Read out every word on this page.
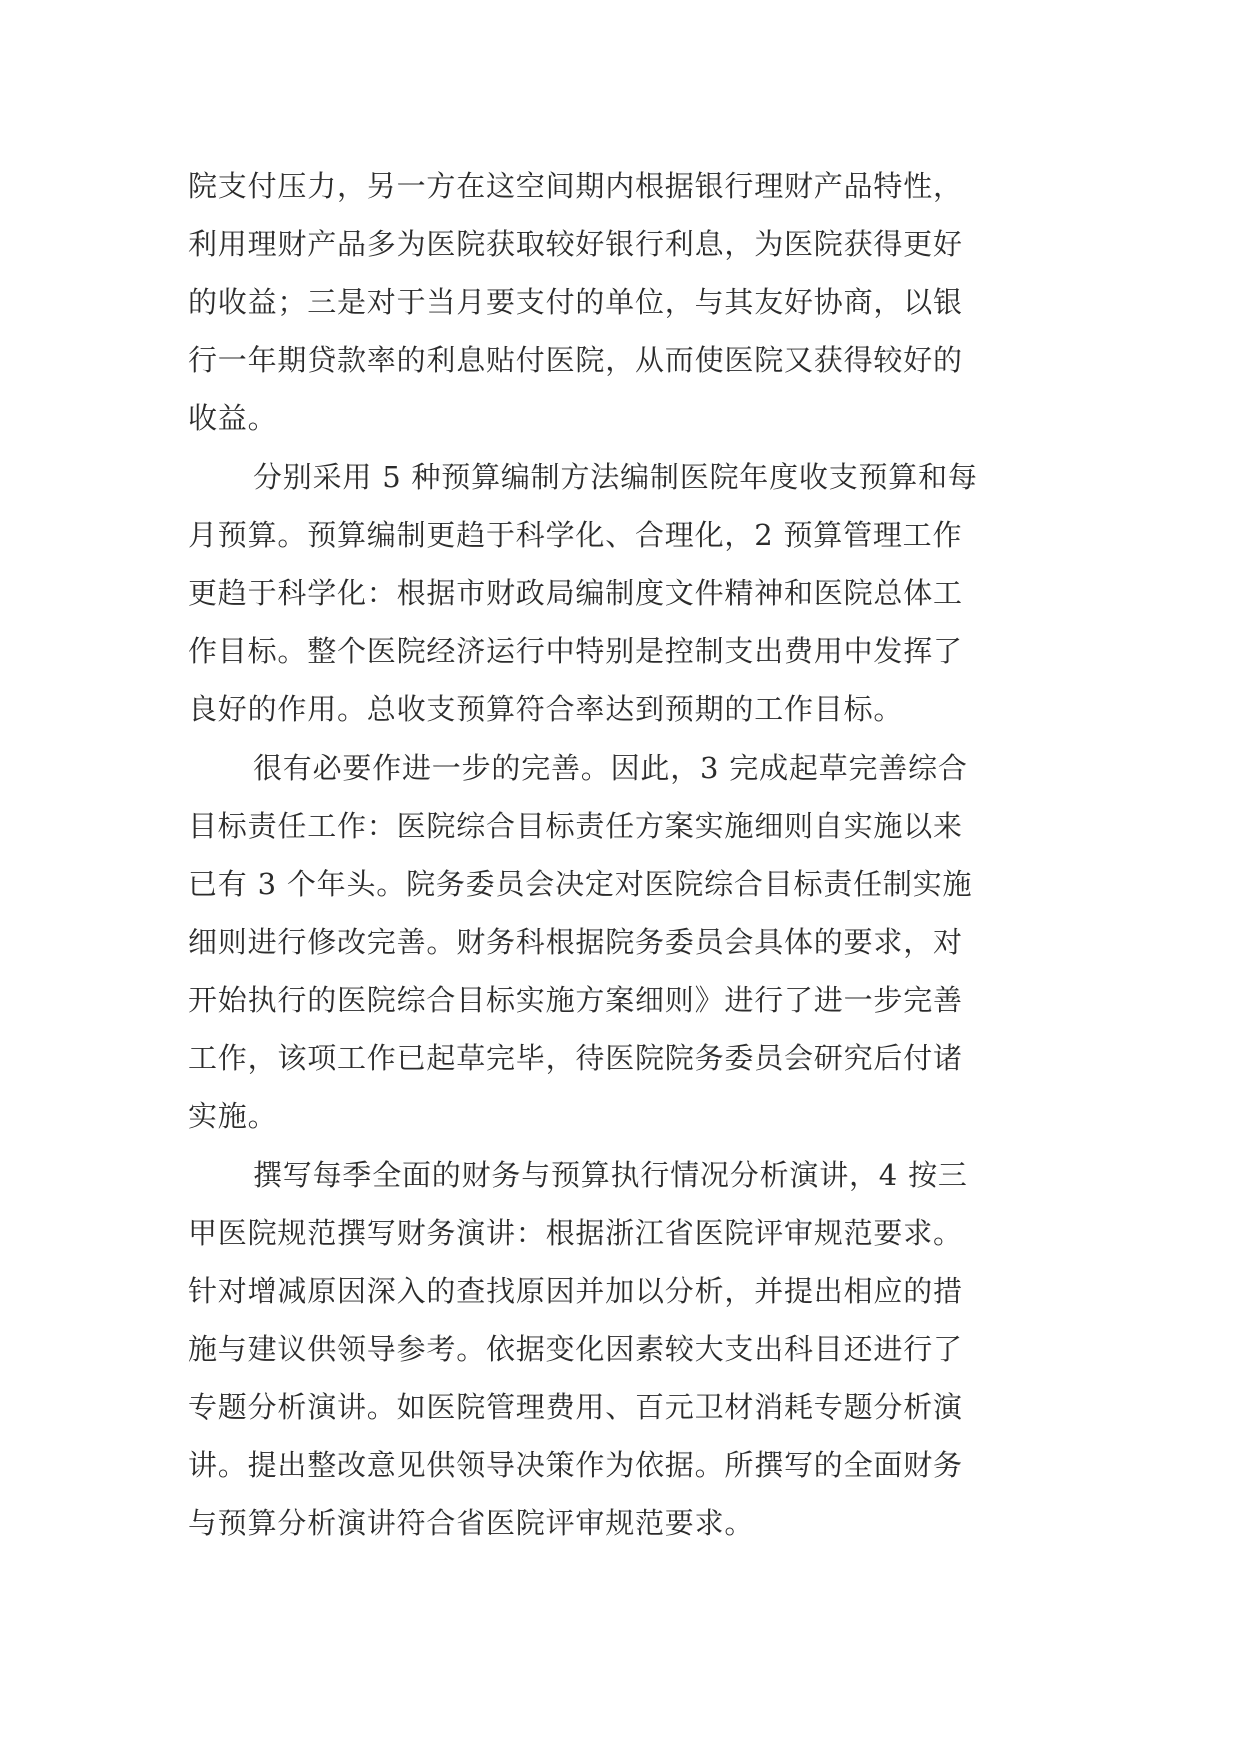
院支付压力，另一方在这空间期内根据银行理财产品特性，

利用理财产品多为医院获取较好银行利息，为医院获得更好

的收益；三是对于当月要支付的单位，与其友好协商，以银

行一年期贷款率的利息贴付医院，从而使医院又获得较好的

收益。

分别采用 5 种预算编制方法编制医院年度收支预算和每

月预算。预算编制更趋于科学化、合理化，2 预算管理工作

更趋于科学化：根据市财政局编制度文件精神和医院总体工

作目标。整个医院经济运行中特别是控制支出费用中发挥了

良好的作用。总收支预算符合率达到预期的工作目标。

很有必要作进一步的完善。因此，3 完成起草完善综合

目标责任工作：医院综合目标责任方案实施细则自实施以来

已有 3 个年头。院务委员会决定对医院综合目标责任制实施

细则进行修改完善。财务科根据院务委员会具体的要求，对

开始执行的医院综合目标实施方案细则》进行了进一步完善

工作，该项工作已起草完毕，待医院院务委员会研究后付诸

实施。

撰写每季全面的财务与预算执行情况分析演讲，4 按三

甲医院规范撰写财务演讲：根据浙江省医院评审规范要求。

针对增减原因深入的查找原因并加以分析，并提出相应的措

施与建议供领导参考。依据变化因素较大支出科目还进行了

专题分析演讲。如医院管理费用、百元卫材消耗专题分析演

讲。提出整改意见供领导决策作为依据。所撰写的全面财务

与预算分析演讲符合省医院评审规范要求。
